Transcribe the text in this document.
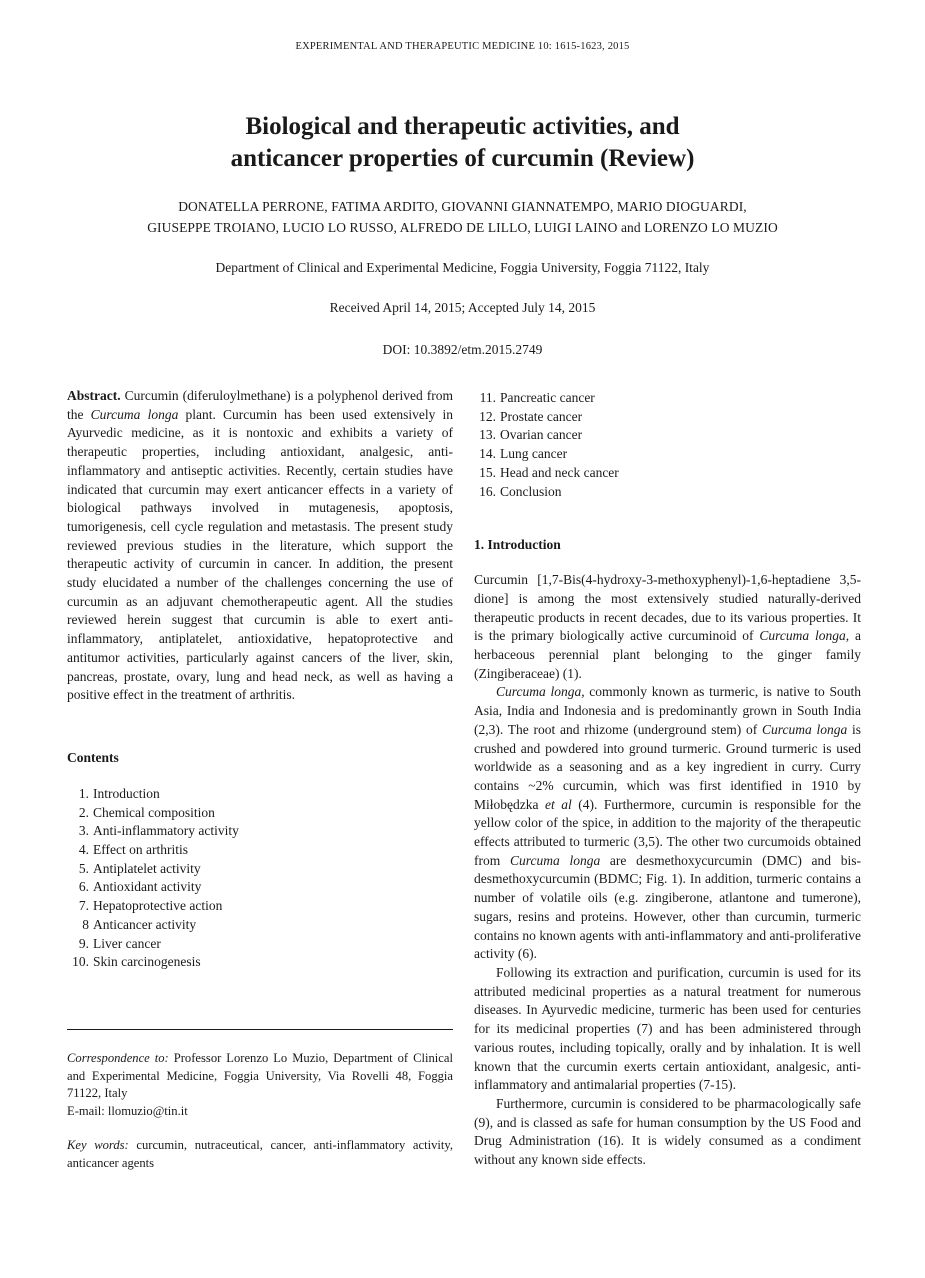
EXPERIMENTAL AND THERAPEUTIC MEDICINE 10: 1615-1623, 2015
Biological and therapeutic activities, and
anticancer properties of curcumin (Review)
DONATELLA PERRONE, FATIMA ARDITO, GIOVANNI GIANNATEMPO, MARIO DIOGUARDI,
GIUSEPPE TROIANO, LUCIO LO RUSSO, ALFREDO DE LILLO, LUIGI LAINO and LORENZO LO MUZIO
Department of Clinical and Experimental Medicine, Foggia University, Foggia 71122, Italy
Received April 14, 2015; Accepted July 14, 2015
DOI: 10.3892/etm.2015.2749

Abstract. Curcumin (diferuloylmethane) is a polyphenol derived from the Curcuma longa plant. Curcumin has been used extensively in Ayurvedic medicine, as it is nontoxic and exhibits a variety of therapeutic properties, including antioxidant, analgesic, anti-inflammatory and antiseptic activities. Recently, certain studies have indicated that curcumin may exert anticancer effects in a variety of biological pathways involved in mutagenesis, apoptosis, tumorigenesis, cell cycle regulation and metastasis. The present study reviewed previous studies in the literature, which support the therapeutic activity of curcumin in cancer. In addition, the present study elucidated a number of the challenges concerning the use of curcumin as an adjuvant chemotherapeutic agent. All the studies reviewed herein suggest that curcumin is able to exert anti-inflammatory, antiplatelet, antioxidative, hepatoprotective and antitumor activities, particularly against cancers of the liver, skin, pancreas, prostate, ovary, lung and head neck, as well as having a positive effect in the treatment of arthritis.

Contents

1. Introduction
2. Chemical composition
3. Anti-inflammatory activity
4. Effect on arthritis
5. Antiplatelet activity
6. Antioxidant activity
7. Hepatoprotective action
8 Anticancer activity
9. Liver cancer
10. Skin carcinogenesis

Correspondence to: Professor Lorenzo Lo Muzio, Department of Clinical and Experimental Medicine, Foggia University, Via Rovelli 48, Foggia 71122, Italy

E-mail: llomuzio@tin.it

Key words: curcumin, nutraceutical, cancer, anti-inflammatory activity, anticancer agents

11. Pancreatic cancer
12. Prostate cancer
13. Ovarian cancer
14. Lung cancer
15. Head and neck cancer
16. Conclusion

1. Introduction

Curcumin [1,7-Bis(4-hydroxy-3-methoxyphenyl)-1,6-heptadiene 3,5-dione] is among the most extensively studied naturally-derived therapeutic products in recent decades, due to its various properties. It is the primary biologically active curcuminoid of Curcuma longa, a herbaceous perennial plant belonging to the ginger family (Zingiberaceae) (1).

Curcuma longa, commonly known as turmeric, is native to South Asia, India and Indonesia and is predominantly grown in South India (2,3). The root and rhizome (underground stem) of Curcuma longa is crushed and powdered into ground turmeric. Ground turmeric is used worldwide as a seasoning and as a key ingredient in curry. Curry contains ~2% curcumin, which was first identified in 1910 by Miłobędzka et al (4). Furthermore, curcumin is responsible for the yellow color of the spice, in addition to the majority of the therapeutic effects attributed to turmeric (3,5). The other two curcumoids obtained from Curcuma longa are desmethoxycurcumin (DMC) and bis-desmethoxycurcumin (BDMC; Fig. 1). In addition, turmeric contains a number of volatile oils (e.g. zingiberone, atlantone and tumerone), sugars, resins and proteins. However, other than curcumin, turmeric contains no known agents with anti-inflammatory and anti-proliferative activity (6).

Following its extraction and purification, curcumin is used for its attributed medicinal properties as a natural treatment for numerous diseases. In Ayurvedic medicine, turmeric has been used for centuries for its medicinal properties (7) and has been administered through various routes, including topically, orally and by inhalation. It is well known that the curcumin exerts certain antioxidant, analgesic, anti-inflammatory and antimalarial properties (7-15).

Furthermore, curcumin is considered to be pharmacologically safe (9), and is classed as safe for human consumption by the US Food and Drug Administration (16). It is widely consumed as a condiment without any known side effects.
